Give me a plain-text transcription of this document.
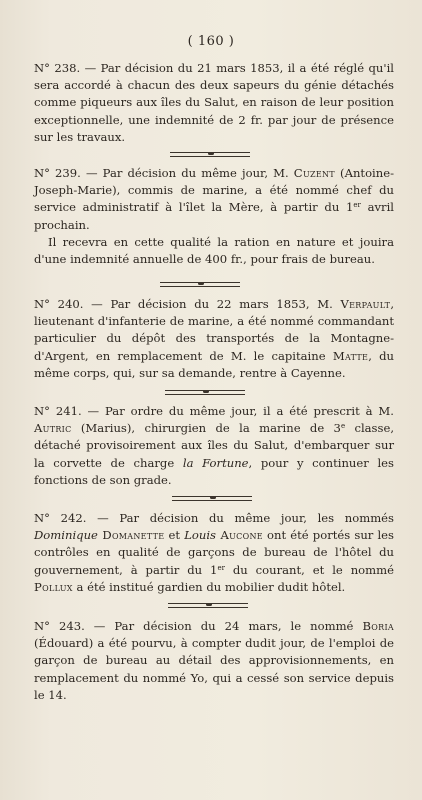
( 160 )

N° 238. — Par décision du 21 mars 1853, il a été réglé qu'il sera accordé à chacun des deux sapeurs du génie détachés comme piqueurs aux îles du Salut, en raison de leur position exceptionnelle, une indemnité de 2 fr. par jour de présence sur les travaux.

N° 239. — Par décision du même jour, M. Cuzent (Antoine-Joseph-Marie), commis de marine, a été nommé chef du service administratif à l'îlet la Mère, à partir du 1er avril prochain.

Il recevra en cette qualité la ration en nature et jouira d'une indemnité annuelle de 400 fr., pour frais de bureau.

N° 240. — Par décision du 22 mars 1853, M. Verpault, lieutenant d'infanterie de marine, a été nommé commandant particulier du dépôt des transportés de la Montagne-d'Argent, en remplacement de M. le capitaine Matte, du même corps, qui, sur sa demande, rentre à Cayenne.

N° 241. — Par ordre du même jour, il a été prescrit à M. Autric (Marius), chirurgien de la marine de 3e classe, détaché provisoirement aux îles du Salut, d'embarquer sur la corvette de charge la Fortune, pour y continuer les fonctions de son grade.

N° 242. — Par décision du même jour, les nommés Dominique Domanette et Louis Aucone ont été portés sur les contrôles en qualité de garçons de bureau de l'hôtel du gouvernement, à partir du 1er du courant, et le nommé Pollux a été institué gardien du mobilier dudit hôtel.

N° 243. — Par décision du 24 mars, le nommé Boria (Édouard) a été pourvu, à compter dudit jour, de l'emploi de garçon de bureau au détail des approvisionnements, en remplacement du nommé Yo, qui a cessé son service depuis le 14.
